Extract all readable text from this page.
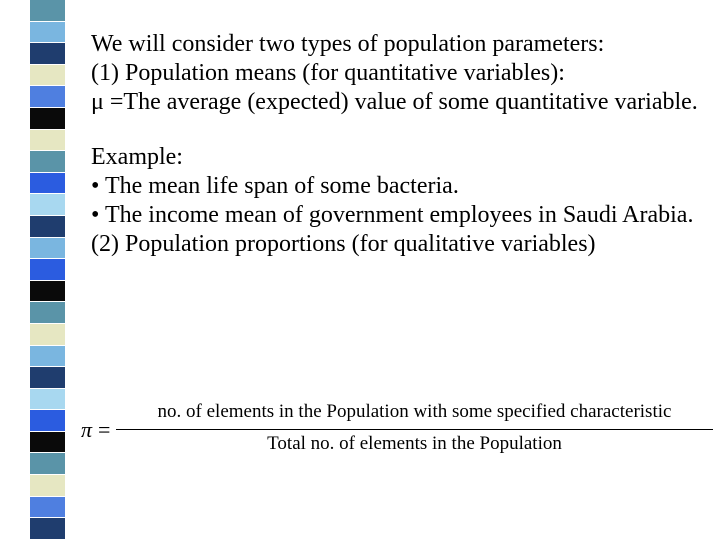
We will consider two types of population parameters:

(1) Population means (for quantitative variables):

μ =The average (expected) value of some quantitative variable.

Example:

• The mean life span of some bacteria.

• The income mean of government employees in Saudi Arabia.

(2) Population proportions (for qualitative variables)

π =
no. of elements in the Population with some specified characteristic
Total no. of elements in the Population
